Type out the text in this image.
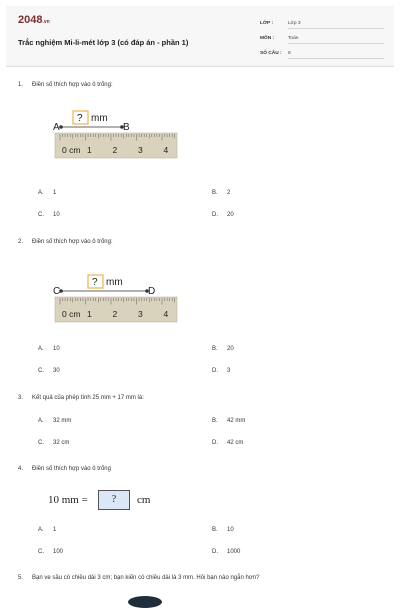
2048.vn
Trắc nghiệm Mi-li-mét lớp 3 (có đáp án - phần 1)
LỚP :	Lớp 3
MÔN :	Toán
SỐ CÂU : 8
1. Điền số thích hợp vào ô trống:
A	B
? mm
0 cm 1 2 3 4
A. 1	B. 2
C. 10	D. 20
2. Điền số thích hợp vào ô trống:
C	D
? mm
0 cm 1 2 3 4
A. 10	B. 20
C. 30	D. 3
3. Kết quả của phép tính 25 mm + 17 mm là:
A. 32 mm	B. 42 mm
C. 32 cm	D. 42 cm
4. Điền số thích hợp vào ô trống
10 mm =	?	cm
A. 1	B. 10
C. 100	D. 1000
5. Bạn ve sầu có chiều dài 3 cm; bạn kiến có chiều dài là 3 mm. Hỏi bạn nào ngắn hơn?
